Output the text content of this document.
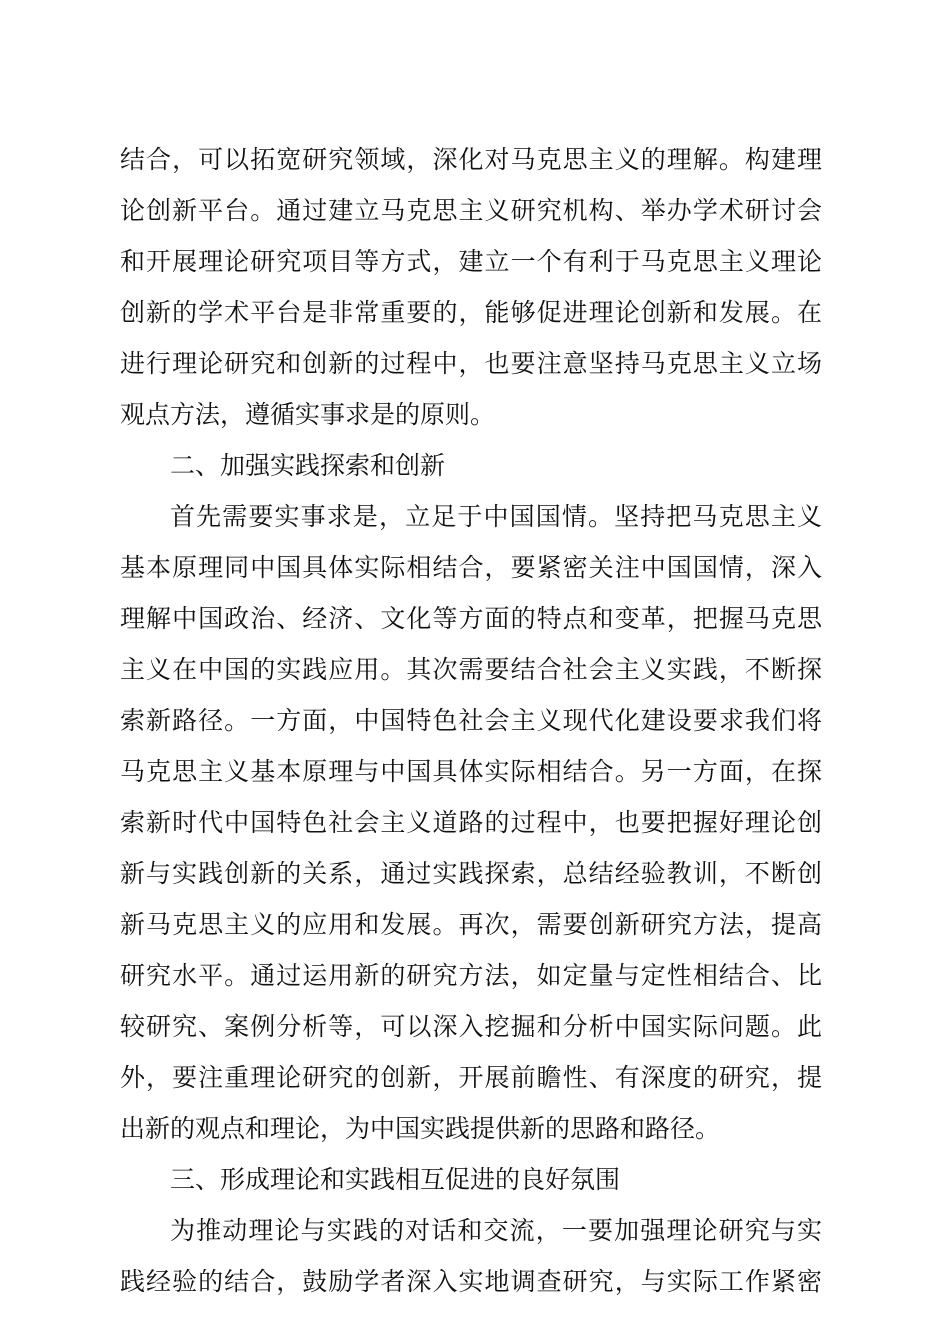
结合，可以拓宽研究领域，深化对马克思主义的理解。构建理
论创新平台。通过建立马克思主义研究机构、举办学术研讨会
和开展理论研究项目等方式，建立一个有利于马克思主义理论
创新的学术平台是非常重要的，能够促进理论创新和发展。在
进行理论研究和创新的过程中，也要注意坚持马克思主义立场
观点方法，遵循实事求是的原则。
二、加强实践探索和创新
首先需要实事求是，立足于中国国情。坚持把马克思主义
基本原理同中国具体实际相结合，要紧密关注中国国情，深入
理解中国政治、经济、文化等方面的特点和变革，把握马克思
主义在中国的实践应用。其次需要结合社会主义实践，不断探
索新路径。一方面，中国特色社会主义现代化建设要求我们将
马克思主义基本原理与中国具体实际相结合。另一方面，在探
索新时代中国特色社会主义道路的过程中，也要把握好理论创
新与实践创新的关系，通过实践探索，总结经验教训，不断创
新马克思主义的应用和发展。再次，需要创新研究方法，提高
研究水平。通过运用新的研究方法，如定量与定性相结合、比
较研究、案例分析等，可以深入挖掘和分析中国实际问题。此
外，要注重理论研究的创新，开展前瞻性、有深度的研究，提
出新的观点和理论，为中国实践提供新的思路和路径。
三、形成理论和实践相互促进的良好氛围
为推动理论与实践的对话和交流，一要加强理论研究与实
践经验的结合，鼓励学者深入实地调查研究，与实际工作紧密
